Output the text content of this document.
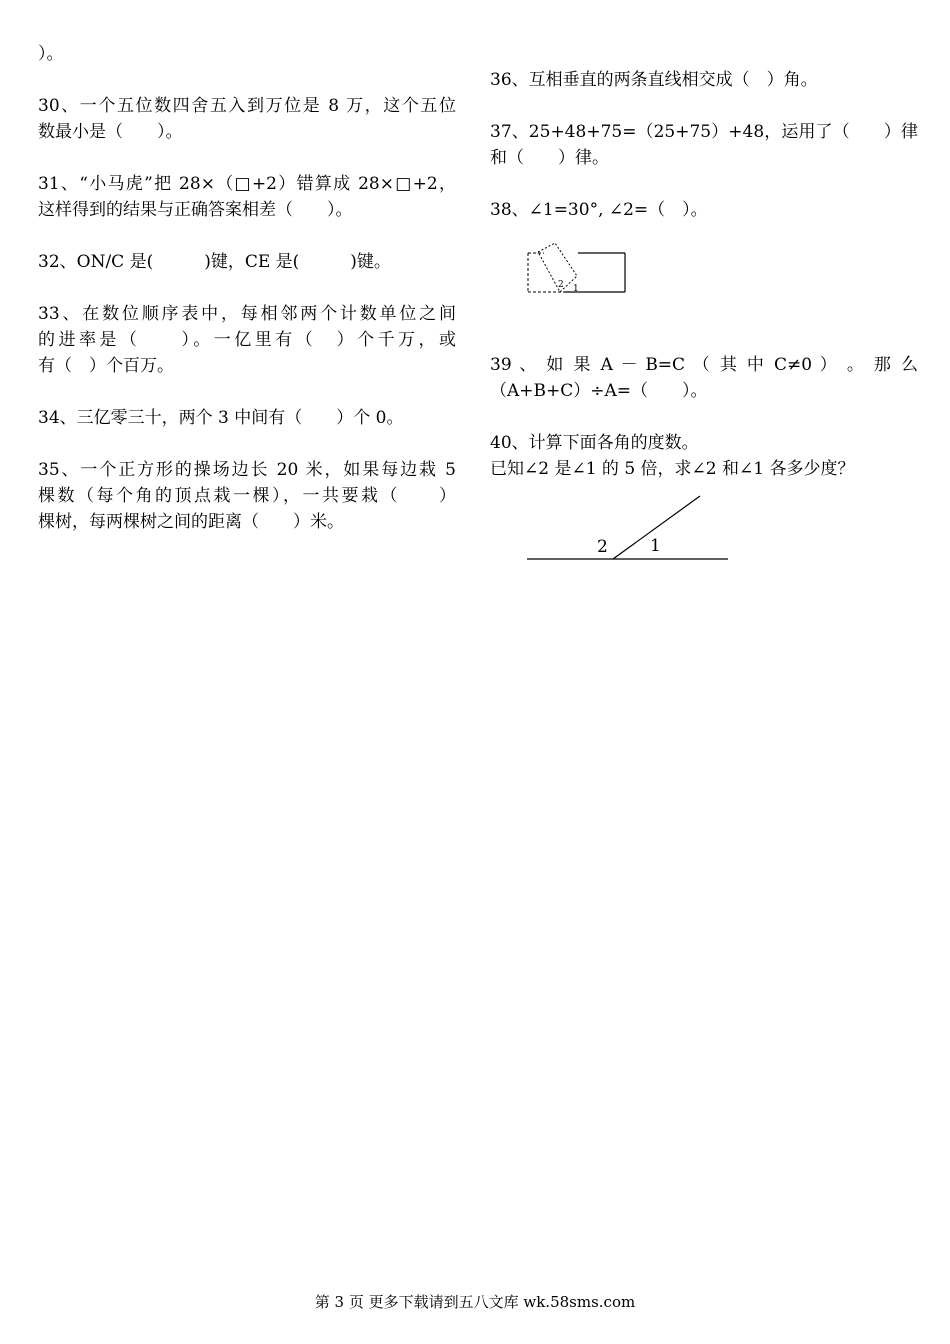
）。
30、一个五位数四舍五入到万位是 8 万，这个五位
数最小是（　　）。
31、“小马虎”把 28×（□+2）错算成 28×□+2，
这样得到的结果与正确答案相差（　　）。
32、ON/C 是(　　　)键，CE 是(　　　)键。
33、在数位顺序表中，每相邻两个计数单位之间
的进率是（　　）。一亿里有（　）个千万，或
有（　）个百万。
34、三亿零三十，两个 3 中间有（　　）个 0。
35、一个正方形的操场边长 20 米，如果每边栽 5
棵数（每个角的顶点栽一棵），一共要栽（　　）
棵树，每两棵树之间的距离（　　）米。
36、互相垂直的两条直线相交成（　）角。
37、25+48+75=（25+75）+48，运用了（　　）律
和（　　）律。
38、∠1=30°, ∠2=（　）。
39 、 如 果 A － B=C （ 其 中 C≠0 ） 。 那 么
（A+B+C）÷A=（　　）。
40、计算下面各角的度数。
已知∠2 是∠1 的 5 倍，求∠2 和∠1 各多少度？
2 1
2 1
第 3 页 更多下载请到五八文库 wk.58sms.com
